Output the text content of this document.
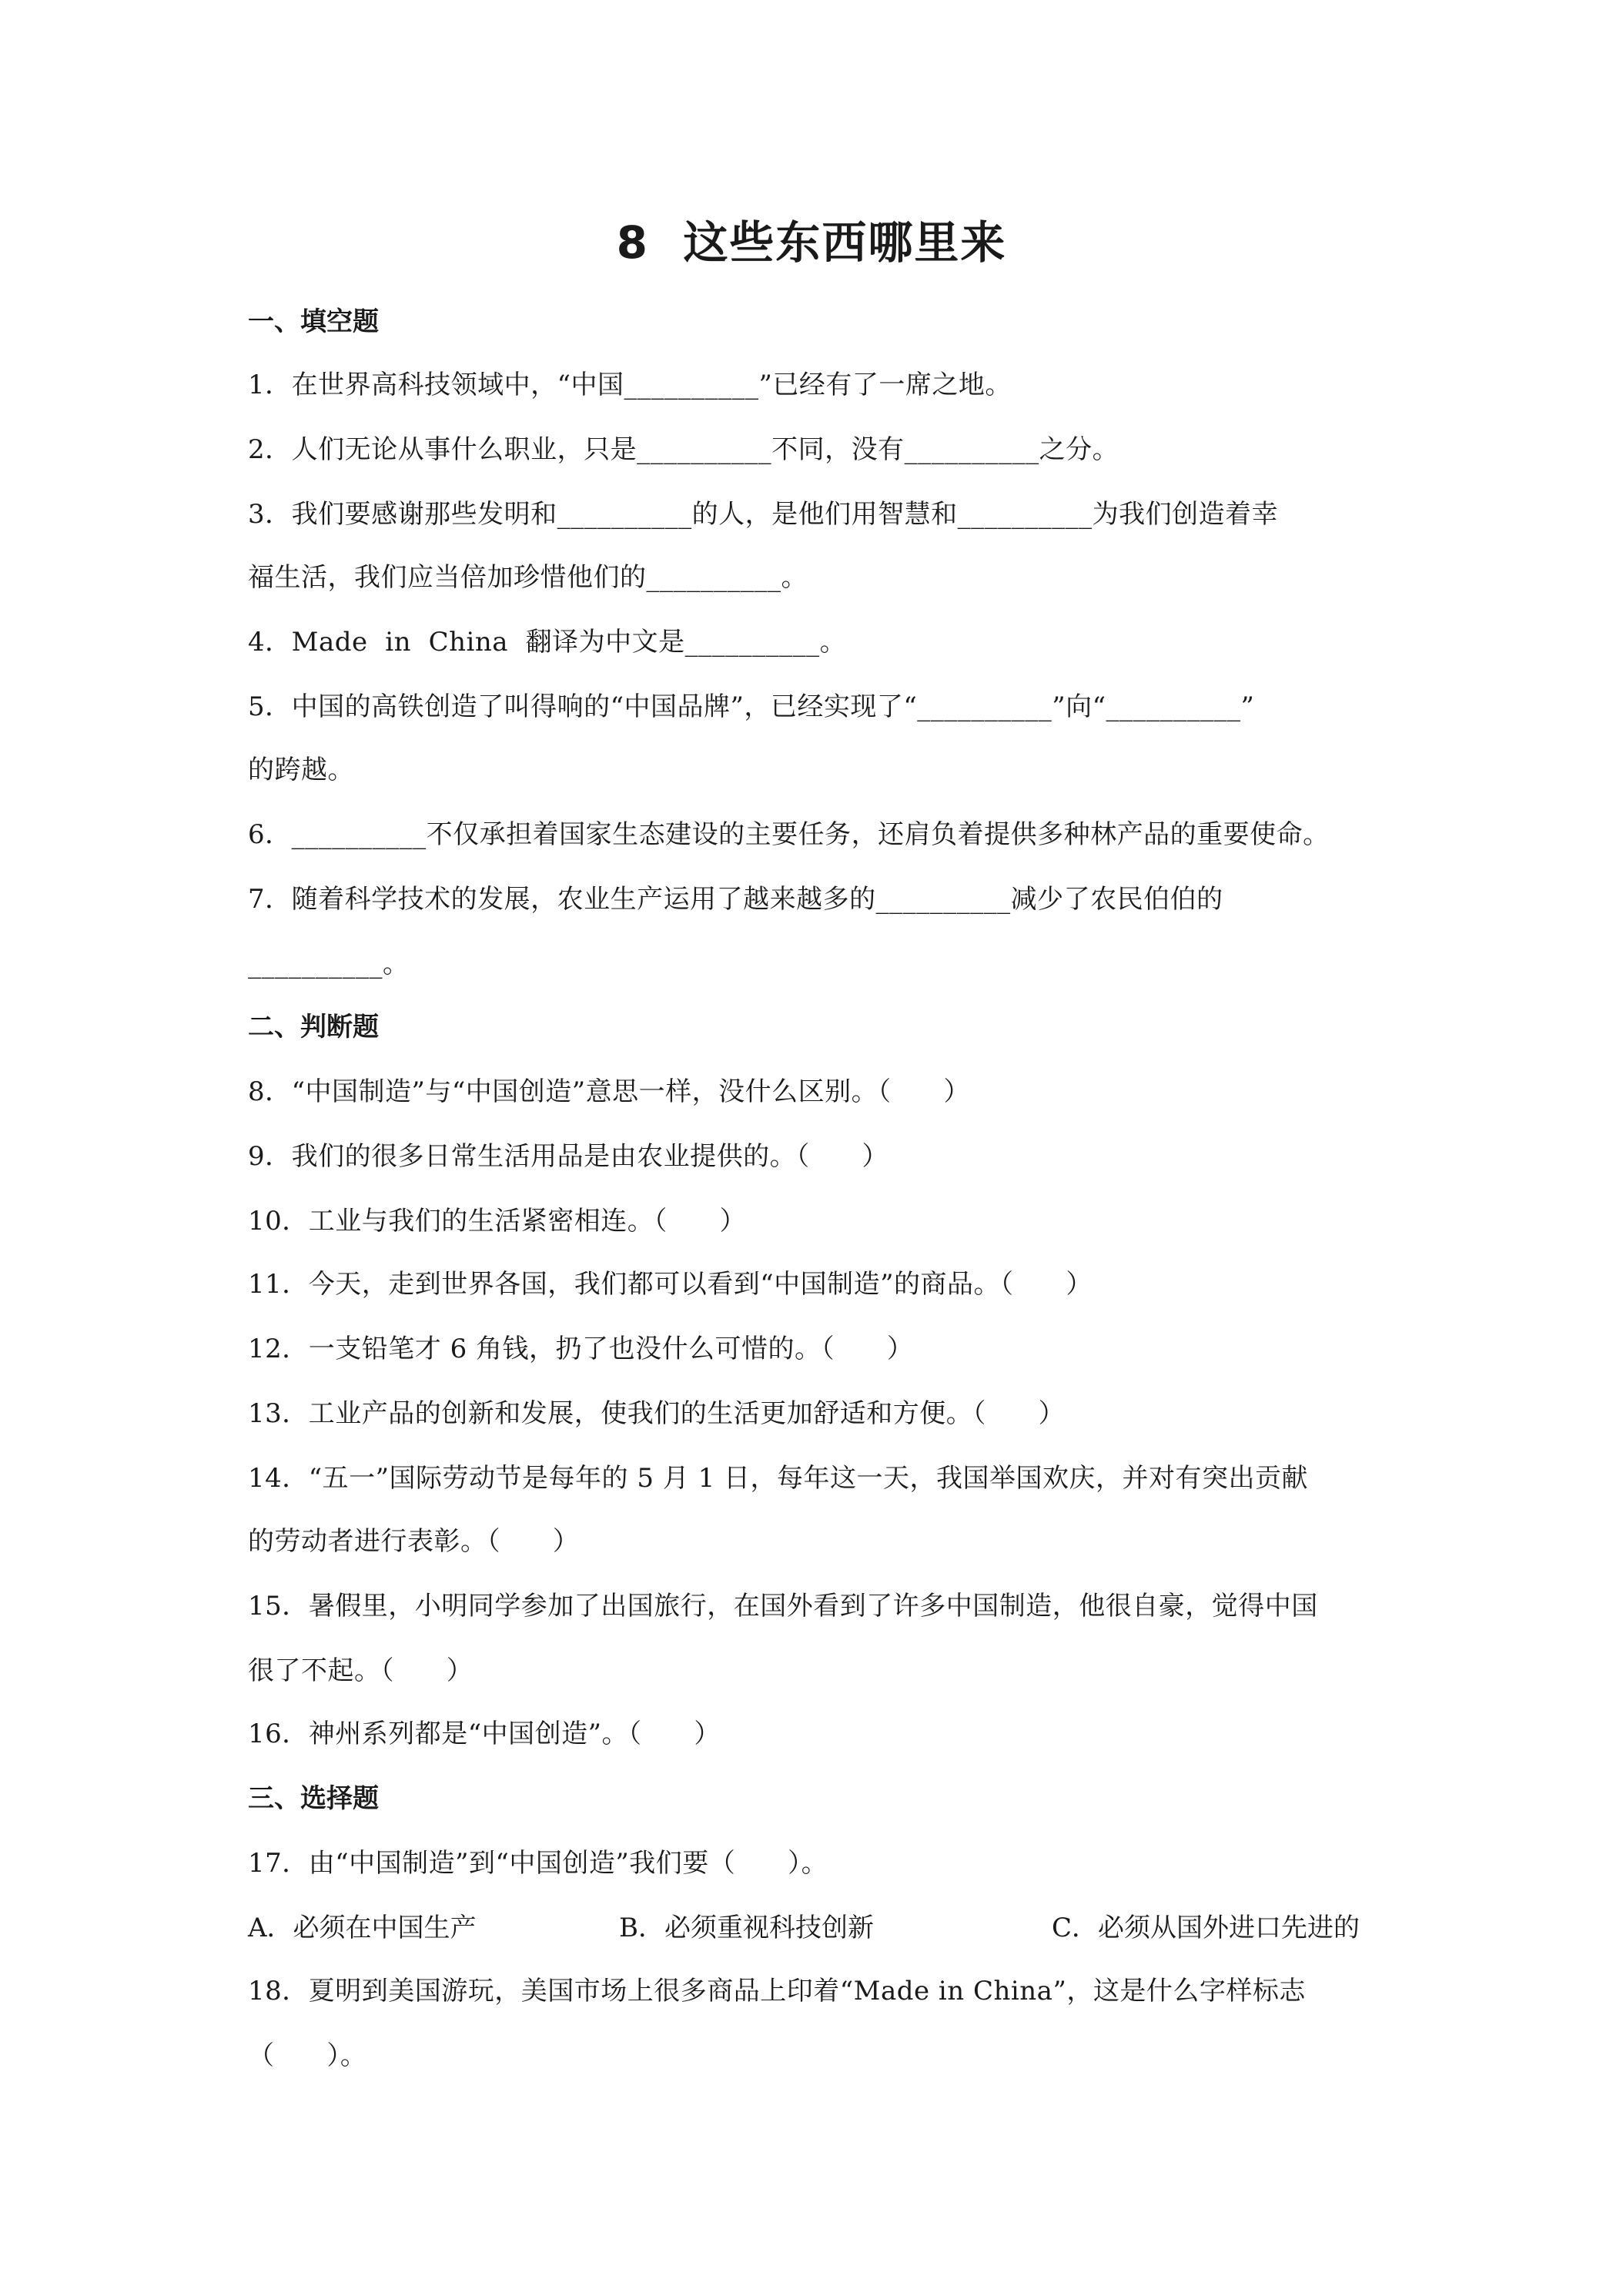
8  这些东西哪里来
一、填空题
1．在世界高科技领域中，“中国__________”已经有了一席之地。
2．人们无论从事什么职业，只是__________不同，没有__________之分。
3．我们要感谢那些发明和__________的人，是他们用智慧和__________为我们创造着幸
福生活，我们应当倍加珍惜他们的__________。
4．Made  in  China  翻译为中文是__________。
5．中国的高铁创造了叫得响的“中国品牌”，已经实现了“__________”向“__________”
的跨越。
6．__________不仅承担着国家生态建设的主要任务，还肩负着提供多种林产品的重要使命。
7．随着科学技术的发展，农业生产运用了越来越多的__________减少了农民伯伯的
__________。
二、判断题
8．“中国制造”与“中国创造”意思一样，没什么区别。（      ）
9．我们的很多日常生活用品是由农业提供的。（      ）
10．工业与我们的生活紧密相连。（      ）
11．今天，走到世界各国，我们都可以看到“中国制造”的商品。（      ）
12．一支铅笔才 6 角钱，扔了也没什么可惜的。（      ）
13．工业产品的创新和发展，使我们的生活更加舒适和方便。（      ）
14．“五一”国际劳动节是每年的 5 月 1 日，每年这一天，我国举国欢庆，并对有突出贡献
的劳动者进行表彰。（      ）
15．暑假里，小明同学参加了出国旅行，在国外看到了许多中国制造，他很自豪，觉得中国
很了不起。（      ）
16．神州系列都是“中国创造”。（      ）
三、选择题
17．由“中国制造”到“中国创造”我们要（      ）。
A．必须在中国生产	B．必须重视科技创新	C．必须从国外进口先进的
18．夏明到美国游玩，美国市场上很多商品上印着“Made in China”，这是什么字样标志
（      ）。
